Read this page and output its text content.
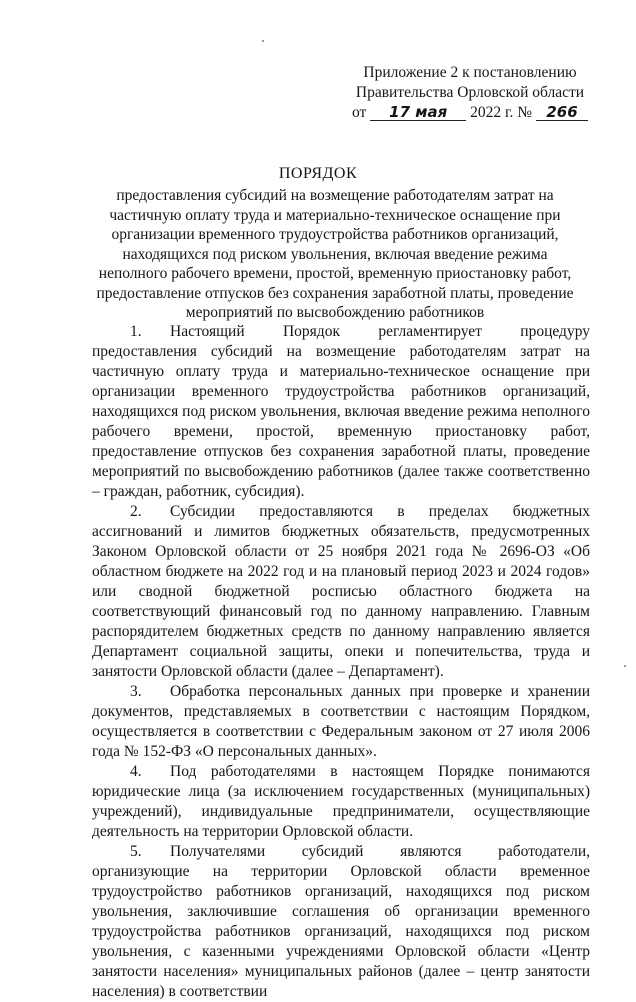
Приложение 2 к постановлению
Правительства Орловской области
от 17 мая 2022 г. № 266
ПОРЯДОК
предоставления субсидий на возмещение работодателям затрат на частичную оплату труда и материально-техническое оснащение при организации временного трудоустройства работников организаций, находящихся под риском увольнения, включая введение режима неполного рабочего времени, простой, временную приостановку работ, предоставление отпусков без сохранения заработной платы, проведение мероприятий по высвобождению работников

1. Настоящий Порядок регламентирует процедуру предоставления субсидий на возмещение работодателям затрат на частичную оплату труда и материально-техническое оснащение при организации временного трудоустройства работников организаций, находящихся под риском увольнения, включая введение режима неполного рабочего времени, простой, временную приостановку работ, предоставление отпусков без сохранения заработной платы, проведение мероприятий по высвобождению работников (далее также соответственно – граждан, работник, субсидия).

2. Субсидии предоставляются в пределах бюджетных ассигнований и лимитов бюджетных обязательств, предусмотренных Законом Орловской области от 25 ноября 2021 года № 2696-ОЗ «Об областном бюджете на 2022 год и на плановый период 2023 и 2024 годов» или сводной бюджетной росписью областного бюджета на соответствующий финансовый год по данному направлению. Главным распорядителем бюджетных средств по данному направлению является Департамент социальной защиты, опеки и попечительства, труда и занятости Орловской области (далее – Департамент).

3. Обработка персональных данных при проверке и хранении документов, представляемых в соответствии с настоящим Порядком, осуществляется в соответствии с Федеральным законом от 27 июля 2006 года № 152-ФЗ «О персональных данных».

4. Под работодателями в настоящем Порядке понимаются юридические лица (за исключением государственных (муниципальных) учреждений), индивидуальные предприниматели, осуществляющие деятельность на территории Орловской области.

5. Получателями субсидий являются работодатели, организующие на территории Орловской области временное трудоустройство работников организаций, находящихся под риском увольнения, заключившие соглашения об организации временного трудоустройства работников организаций, находящихся под риском увольнения, с казенными учреждениями Орловской области «Центр занятости населения» муниципальных районов (далее – центр занятости населения) в соответствии
